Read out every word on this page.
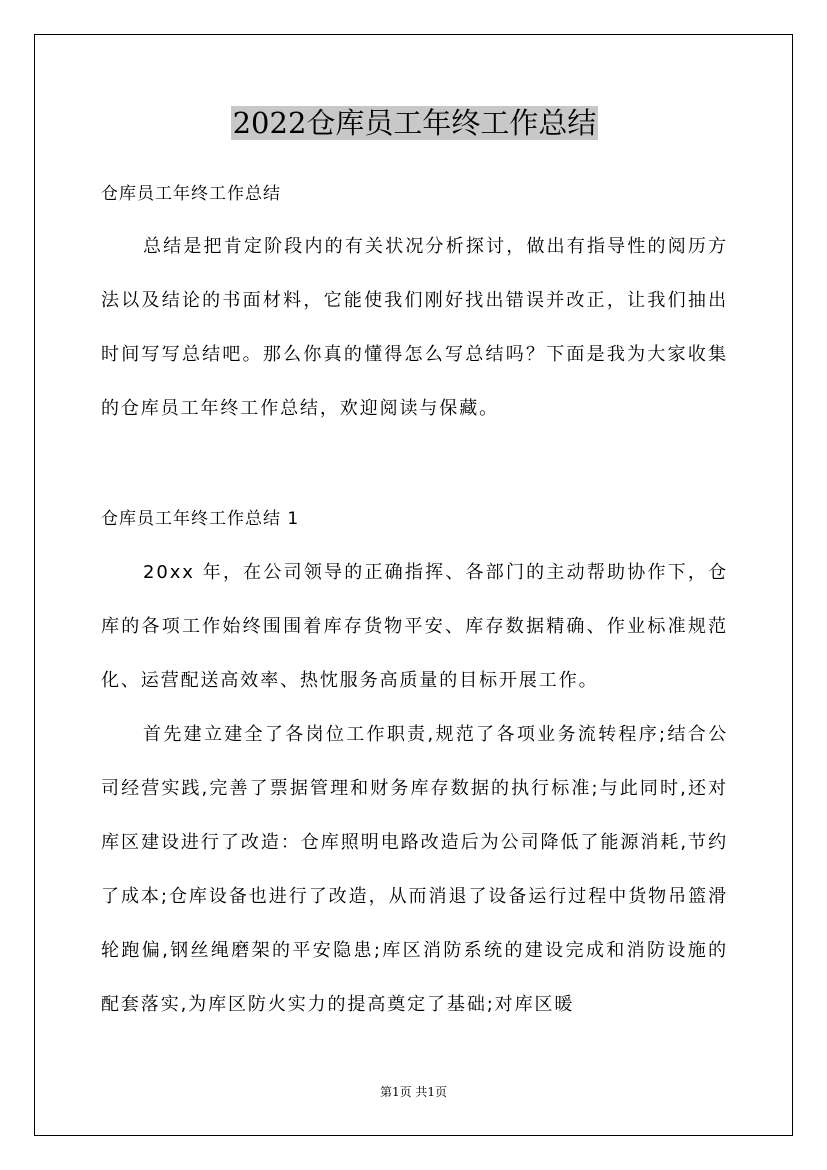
2022仓库员工年终工作总结
仓库员工年终工作总结
总结是把肯定阶段内的有关状况分析探讨，做出有指导性的阅历方法以及结论的书面材料，它能使我们刚好找出错误并改正，让我们抽出时间写写总结吧。那么你真的懂得怎么写总结吗？下面是我为大家收集的仓库员工年终工作总结，欢迎阅读与保藏。
仓库员工年终工作总结 1
20xx 年，在公司领导的正确指挥、各部门的主动帮助协作下，仓库的各项工作始终围围着库存货物平安、库存数据精确、作业标准规范化、运营配送高效率、热忱服务高质量的目标开展工作。
首先建立建全了各岗位工作职责,规范了各项业务流转程序;结合公司经营实践,完善了票据管理和财务库存数据的执行标准;与此同时,还对库区建设进行了改造：仓库照明电路改造后为公司降低了能源消耗,节约了成本;仓库设备也进行了改造，从而消退了设备运行过程中货物吊篮滑轮跑偏,钢丝绳磨架的平安隐患;库区消防系统的建设完成和消防设施的配套落实,为库区防火实力的提高奠定了基础;对库区暖
第1页 共1页
